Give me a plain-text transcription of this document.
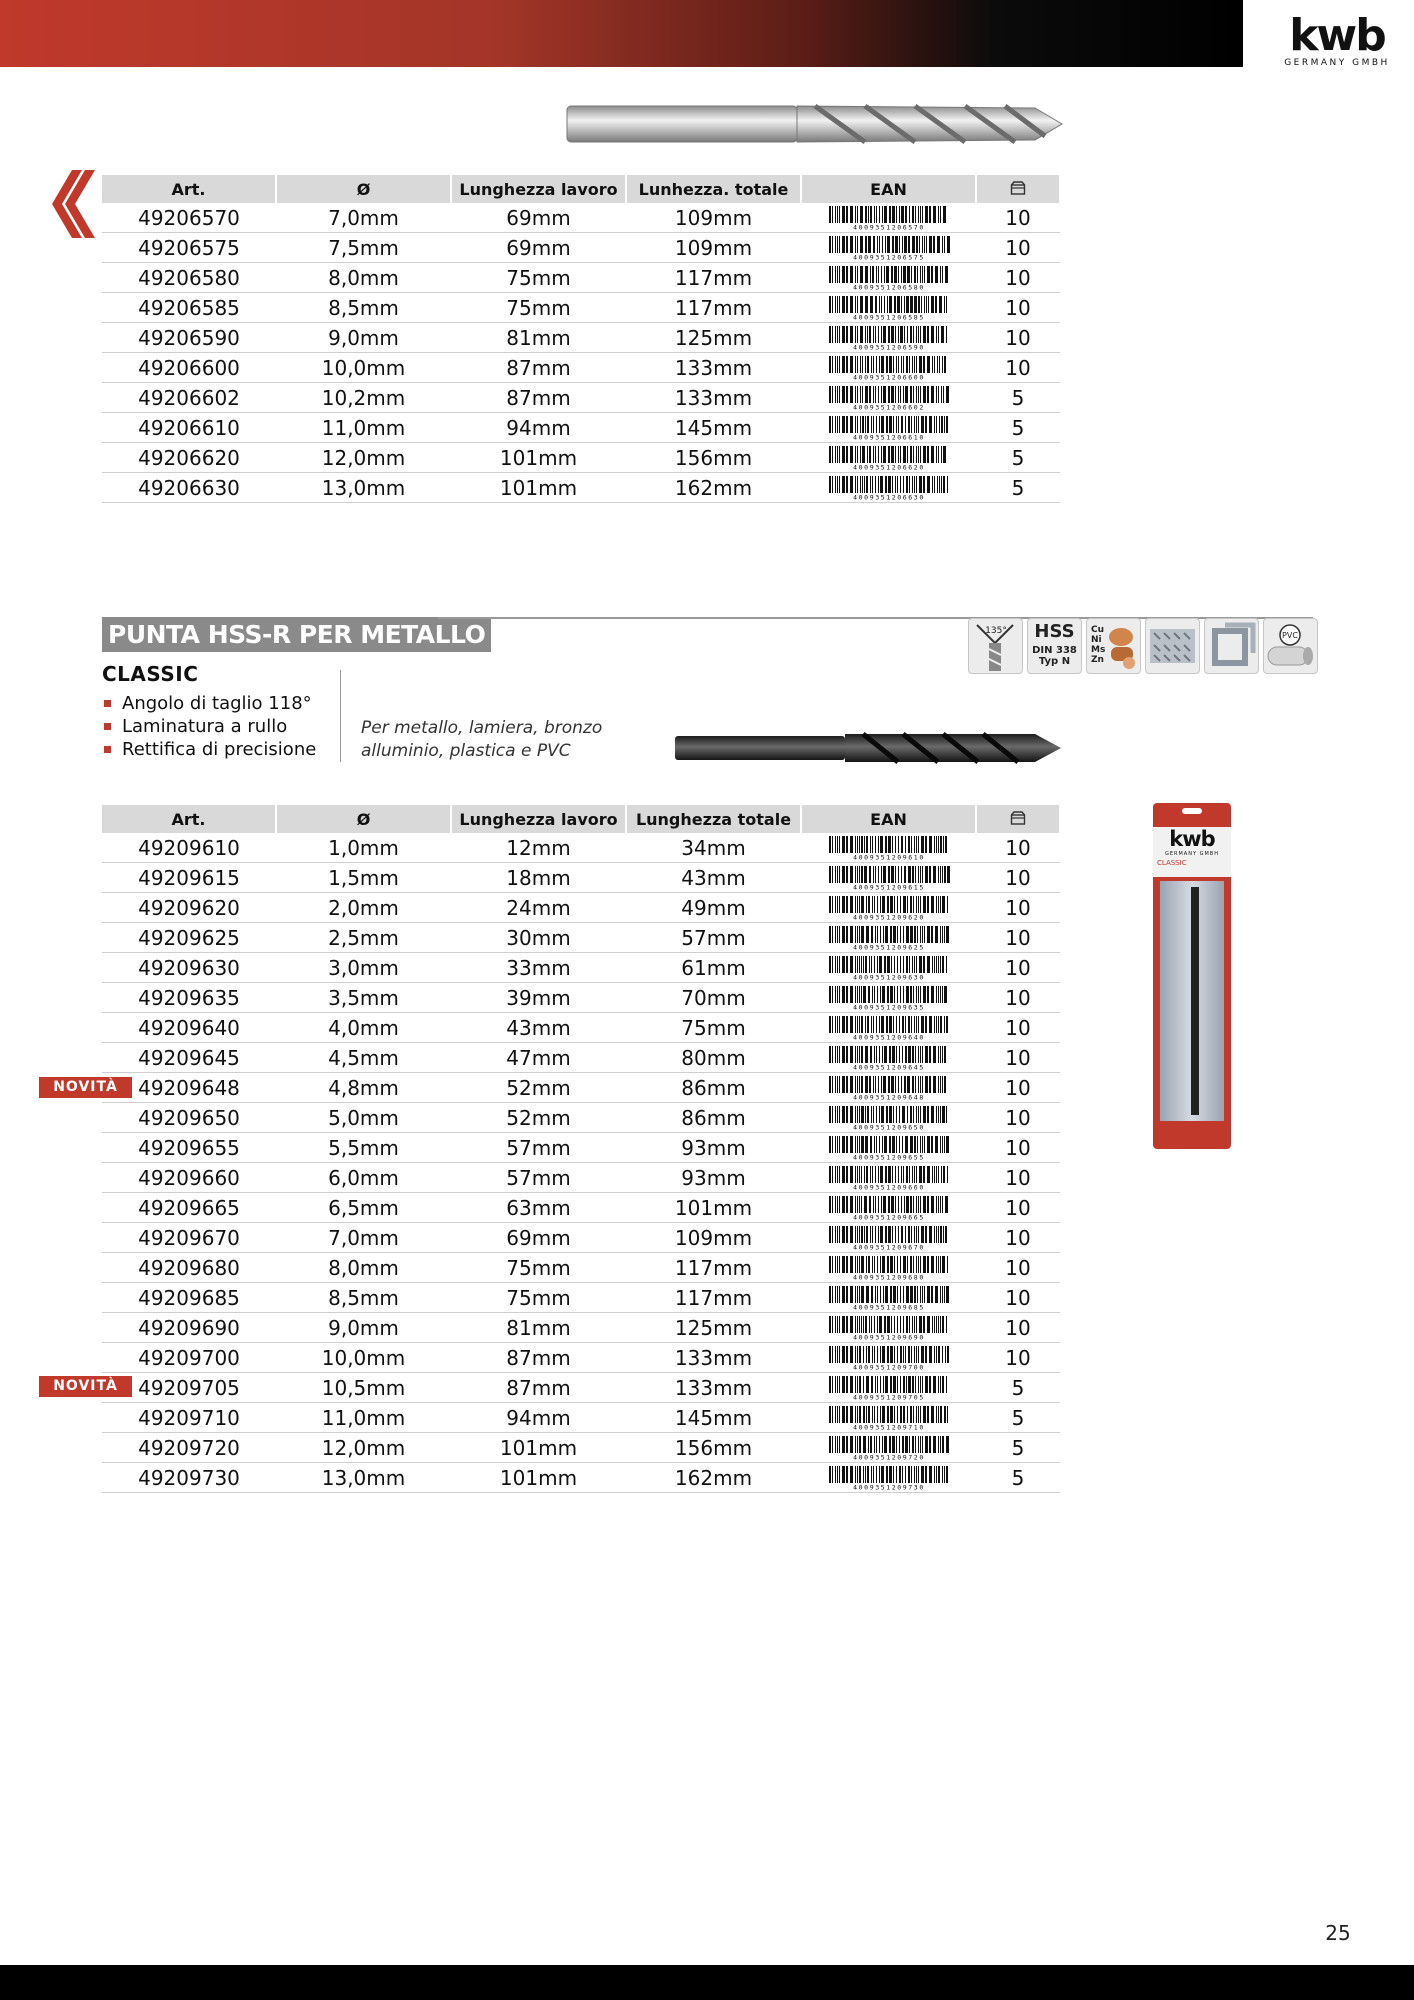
kwb
GERMANY GMBH
Art.	Ø	Lunghezza lavoro	Lunhezza. totale	EAN	
49206570	7,0mm	69mm	109mm	4009351206570	10
49206575	7,5mm	69mm	109mm	4009351206575	10
49206580	8,0mm	75mm	117mm	4009351206580	10
49206585	8,5mm	75mm	117mm	4009351206585	10
49206590	9,0mm	81mm	125mm	4009351206590	10
49206600	10,0mm	87mm	133mm	4009351206600	10
49206602	10,2mm	87mm	133mm	4009351206602	5
49206610	11,0mm	94mm	145mm	4009351206610	5
49206620	12,0mm	101mm	156mm	4009351206620	5
49206630	13,0mm	101mm	162mm	4009351206630	5
PUNTA HSS-R PER METALLO
CLASSIC
Angolo di taglio 118°
Laminatura a rullo
Rettifica di precisione
Per metallo, lamiera, bronzo
alluminio, plastica e PVC
135°	HSS
DIN 338
Typ N
Cu
Ni
Ms
Zn
PVC
Art.	Ø	Lunghezza lavoro	Lunghezza totale	EAN	
49209610	1,0mm	12mm	34mm	4009351209610	10
49209615	1,5mm	18mm	43mm	4009351209615	10
49209620	2,0mm	24mm	49mm	4009351209620	10
49209625	2,5mm	30mm	57mm	4009351209625	10
49209630	3,0mm	33mm	61mm	4009351209630	10
49209635	3,5mm	39mm	70mm	4009351209635	10
49209640	4,0mm	43mm	75mm	4009351209640	10
49209645	4,5mm	47mm	80mm	4009351209645	10
49209648	4,8mm	52mm	86mm	4009351209648	10
49209650	5,0mm	52mm	86mm	4009351209650	10
49209655	5,5mm	57mm	93mm	4009351209655	10
49209660	6,0mm	57mm	93mm	4009351209660	10
49209665	6,5mm	63mm	101mm	4009351209665	10
49209670	7,0mm	69mm	109mm	4009351209670	10
49209680	8,0mm	75mm	117mm	4009351209680	10
49209685	8,5mm	75mm	117mm	4009351209685	10
49209690	9,0mm	81mm	125mm	4009351209690	10
49209700	10,0mm	87mm	133mm	4009351209700	10
49209705	10,5mm	87mm	133mm	4009351209705	5
49209710	11,0mm	94mm	145mm	4009351209710	5
49209720	12,0mm	101mm	156mm	4009351209720	5
49209730	13,0mm	101mm	162mm	4009351209730	5
NOVITÀ
NOVITÀ
kwb
GERMANY GMBH
CLASSIC
25
